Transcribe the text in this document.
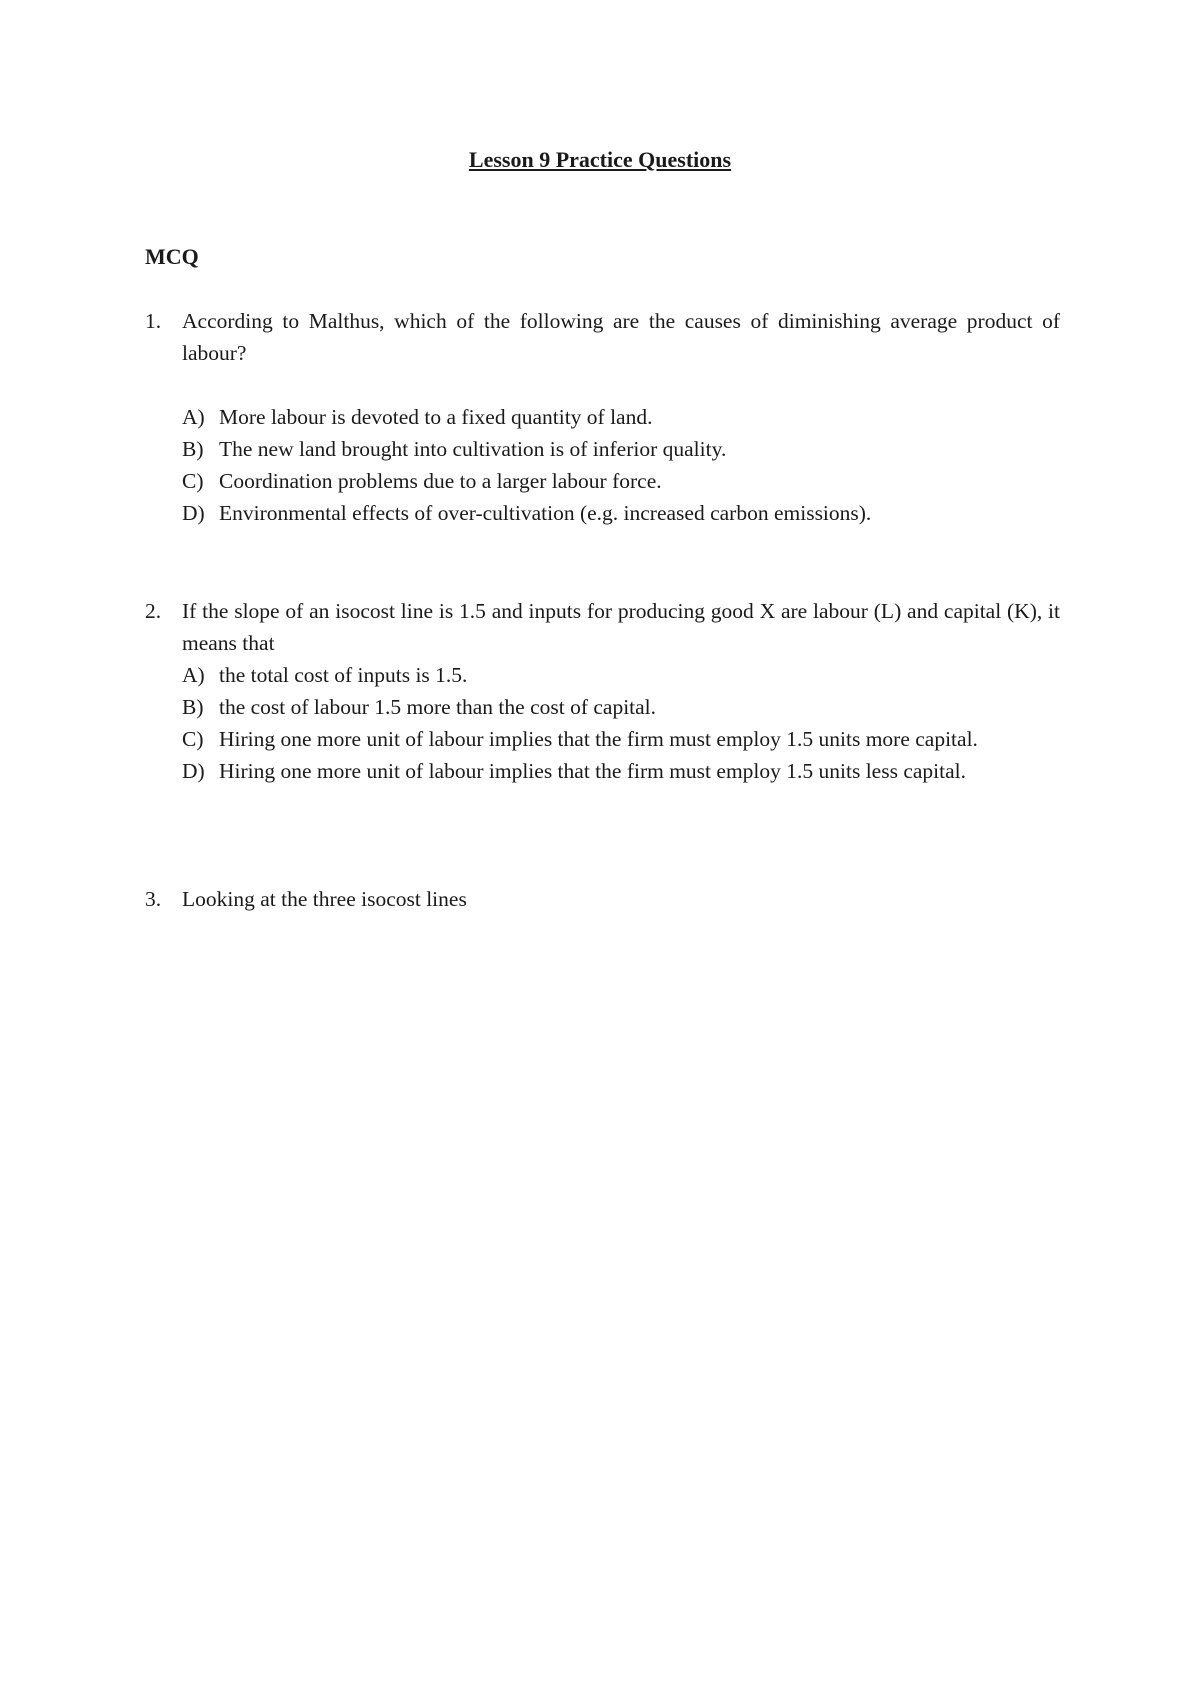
Lesson 9 Practice Questions
MCQ
1. According to Malthus, which of the following are the causes of diminishing average product of labour?
A) More labour is devoted to a fixed quantity of land.
B) The new land brought into cultivation is of inferior quality.
C) Coordination problems due to a larger labour force.
D) Environmental effects of over-cultivation (e.g. increased carbon emissions).
2. If the slope of an isocost line is 1.5 and inputs for producing good X are labour (L) and capital (K), it means that
A) the total cost of inputs is 1.5.
B) the cost of labour 1.5 more than the cost of capital.
C) Hiring one more unit of labour implies that the firm must employ 1.5 units more capital.
D) Hiring one more unit of labour implies that the firm must employ 1.5 units less capital.
3. Looking at the three isocost lines
